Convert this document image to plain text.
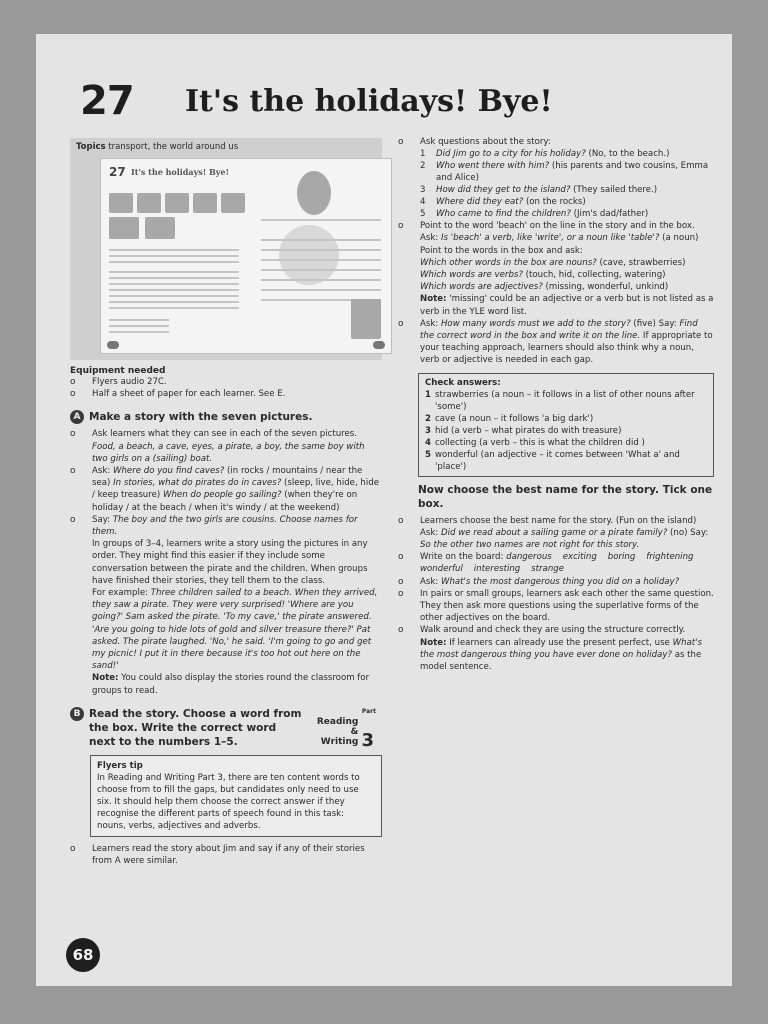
27 It's the holidays! Bye!
Topics transport, the world around us
27 It's the holidays! Bye!
Equipment needed
o	Flyers audio 27C.
o	Half a sheet of paper for each learner. See E.
A Make a story with the seven pictures.
o	Ask learners what they can see in each of the seven pictures.
Food, a beach, a cave, eyes, a pirate, a boy, the same boy with two girls on a (sailing) boat.
o	Ask: Where do you find caves? (in rocks / mountains / near the sea) In stories, what do pirates do in caves? (sleep, live, hide, hide / keep treasure) When do people go sailing? (when they're on holiday / at the beach / when it's windy / at the weekend)
o	Say: The boy and the two girls are cousins. Choose names for them.
In groups of 3–4, learners write a story using the pictures in any order. They might find this easier if they include some conversation between the pirate and the children. When groups have finished their stories, they tell them to the class.
For example: Three children sailed to a beach. When they arrived, they saw a pirate. They were very surprised! 'Where are you going?' Sam asked the pirate. 'To my cave,' the pirate answered. 'Are you going to hide lots of gold and silver treasure there?' Pat asked. The pirate laughed. 'No,' he said. 'I'm going to go and get my picnic! I put it in there because it's too hot out here on the sand!'
Note: You could also display the stories round the classroom for groups to read.
B Read the story. Choose a word from the box. Write the correct word next to the numbers 1–5.
Part
Reading & Writing 3
Flyers tip
In Reading and Writing Part 3, there are ten content words to choose from to fill the gaps, but candidates only need to use six. It should help them choose the correct answer if they recognise the different parts of speech found in this task: nouns, verbs, adjectives and adverbs.
o	Learners read the story about Jim and say if any of their stories from A were similar.
o	Ask questions about the story:
1	Did Jim go to a city for his holiday? (No, to the beach.)
2	Who went there with him? (his parents and two cousins, Emma and Alice)
3	How did they get to the island? (They sailed there.)
4	Where did they eat? (on the rocks)
5	Who came to find the children? (Jim's dad/father)
o	Point to the word 'beach' on the line in the story and in the box.
Ask: Is 'beach' a verb, like 'write', or a noun like 'table'? (a noun)
Point to the words in the box and ask:
Which other words in the box are nouns? (cave, strawberries)
Which words are verbs? (touch, hid, collecting, watering)
Which words are adjectives? (missing, wonderful, unkind)
Note: 'missing' could be an adjective or a verb but is not listed as a verb in the YLE word list.
o	Ask: How many words must we add to the story? (five) Say: Find the correct word in the box and write it on the line. If appropriate to your teaching approach, learners should also think why a noun, verb or adjective is needed in each gap.
Check answers:
1 strawberries (a noun – it follows in a list of other nouns after 'some')
2 cave (a noun – it follows 'a big dark')
3 hid (a verb – what pirates do with treasure)
4 collecting (a verb – this is what the children did )
5 wonderful (an adjective – it comes between 'What a' and 'place')
Now choose the best name for the story. Tick one box.
o	Learners choose the best name for the story. (Fun on the island)
Ask: Did we read about a sailing game or a pirate family? (no) Say:
So the other two names are not right for this story.
o	Write on the board: dangerous    exciting    boring    frightening
wonderful    interesting    strange
o	Ask: What's the most dangerous thing you did on a holiday?
o	In pairs or small groups, learners ask each other the same question. They then ask more questions using the superlative forms of the other adjectives on the board.
o	Walk around and check they are using the structure correctly.
Note: If learners can already use the present perfect, use What's the most dangerous thing you have ever done on holiday? as the model sentence.
68
